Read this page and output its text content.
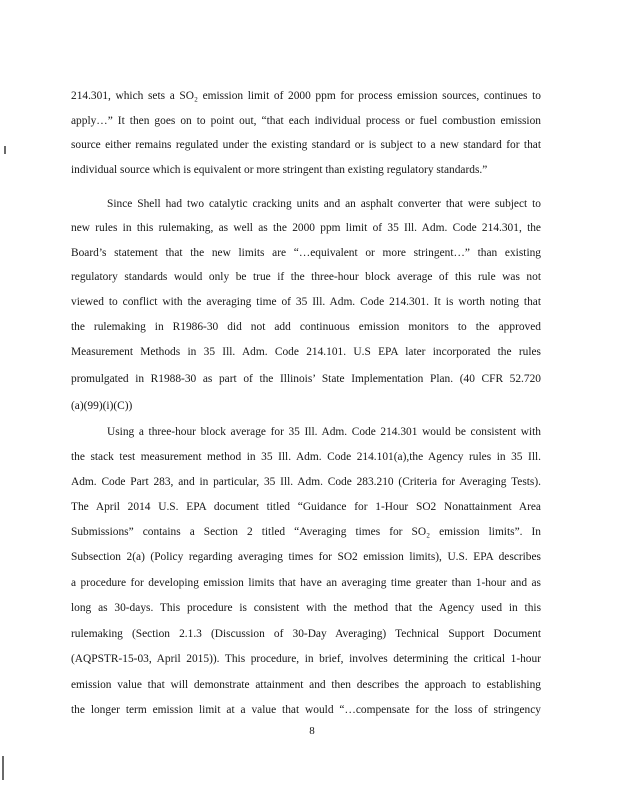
214.301, which sets a SO₂ emission limit of 2000 ppm for process emission sources, continues to
apply…” It then goes on to point out, “that each individual process or fuel combustion emission
source either remains regulated under the existing standard or is subject to a new standard for that
individual source which is equivalent or more stringent than existing regulatory standards.”
Since Shell had two catalytic cracking units and an asphalt converter that were subject to
new rules in this rulemaking, as well as the 2000 ppm limit of 35 Ill. Adm. Code 214.301, the
Board’s statement that the new limits are “…equivalent or more stringent…” than existing
regulatory standards would only be true if the three-hour block average of this rule was not
viewed to conflict with the averaging time of 35 Ill. Adm. Code 214.301. It is worth noting that
the rulemaking in R1986-30 did not add continuous emission monitors to the approved
Measurement Methods in 35 Ill. Adm. Code 214.101. U.S EPA later incorporated the rules
promulgated in R1988-30 as part of the Illinois’ State Implementation Plan. (40 CFR 52.720
(a)(99)(i)(C))
Using a three-hour block average for 35 Ill. Adm. Code 214.301 would be consistent with
the stack test measurement method in 35 Ill. Adm. Code 214.101(a),the Agency rules in 35 Ill.
Adm. Code Part 283, and in particular, 35 Ill. Adm. Code 283.210 (Criteria for Averaging Tests).
The April 2014 U.S. EPA document titled “Guidance for 1-Hour SO2 Nonattainment Area
Submissions” contains a Section 2 titled “Averaging times for SO₂ emission limits”. In
Subsection 2(a) (Policy regarding averaging times for SO2 emission limits), U.S. EPA describes
a procedure for developing emission limits that have an averaging time greater than 1-hour and as
long as 30-days. This procedure is consistent with the method that the Agency used in this
rulemaking (Section 2.1.3 (Discussion of 30-Day Averaging) Technical Support Document
(AQPSTR-15-03, April 2015)). This procedure, in brief, involves determining the critical 1-hour
emission value that will demonstrate attainment and then describes the approach to establishing
the longer term emission limit at a value that would “…compensate for the loss of stringency
8
